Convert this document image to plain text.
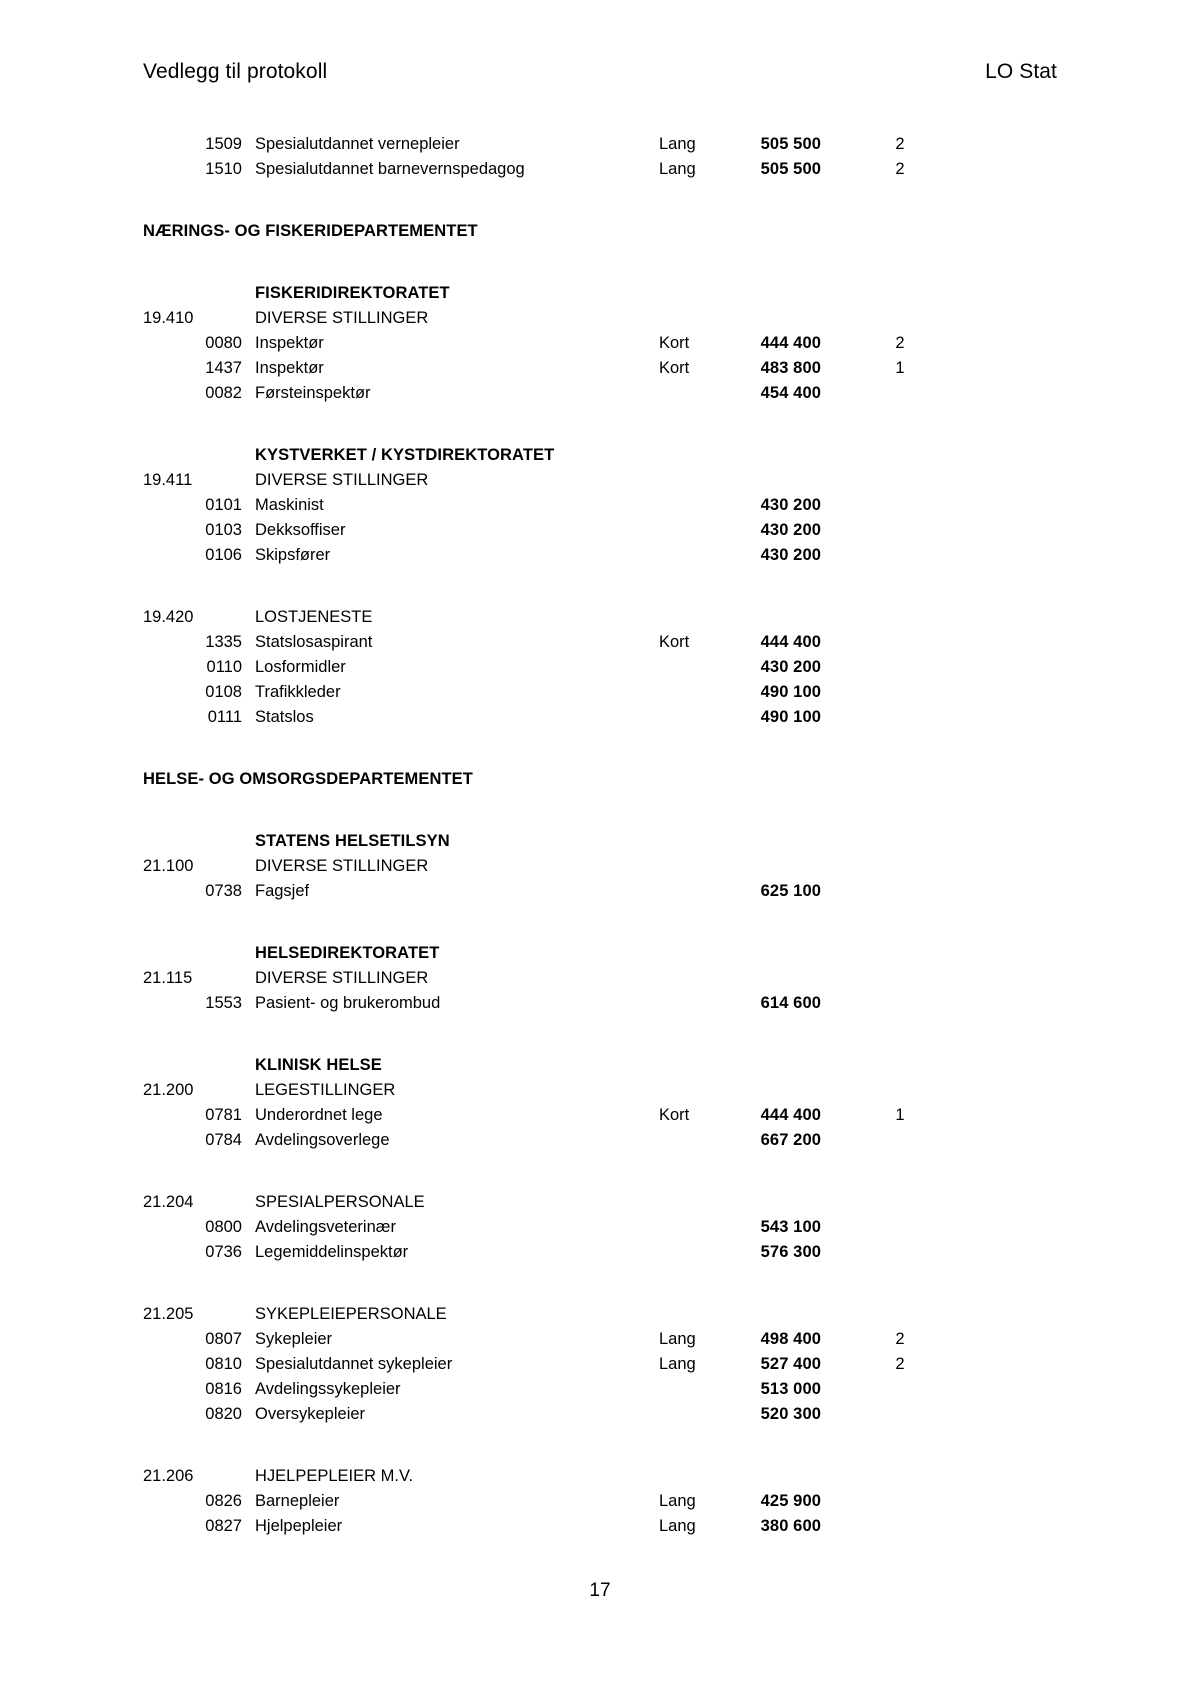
Vedlegg til protokoll	LO Stat
1509 Spesialutdannet vernepleier	Lang	505 500	2
1510 Spesialutdannet barnevernspedagog	Lang	505 500	2
NÆRINGS- OG FISKERIDEPARTEMENTET
FISKERIDIREKTORATET
19.410	DIVERSE STILLINGER
0080 Inspektør	Kort	444 400	2
1437 Inspektør	Kort	483 800	1
0082 Førsteinspektør	454 400
KYSTVERKET / KYSTDIREKTORATET
19.411	DIVERSE STILLINGER
0101 Maskinist	430 200
0103 Dekksoffiser	430 200
0106 Skipsfører	430 200
19.420	LOSTJENESTE
1335 Statslosaspirant	Kort	444 400
0110 Losformidler	430 200
0108 Trafikkleder	490 100
0111 Statslos	490 100
HELSE- OG OMSORGSDEPARTEMENTET
STATENS HELSETILSYN
21.100	DIVERSE STILLINGER
0738 Fagsjef	625 100
HELSEDIREKTORATET
21.115	DIVERSE STILLINGER
1553 Pasient- og brukerombud	614 600
KLINISK HELSE
21.200	LEGESTILLINGER
0781 Underordnet lege	Kort	444 400	1
0784 Avdelingsoverlege	667 200
21.204	SPESIALPERSONALE
0800 Avdelingsveterinær	543 100
0736 Legemiddelinspektør	576 300
21.205	SYKEPLEIEPERSONALE
0807 Sykepleier	Lang	498 400	2
0810 Spesialutdannet sykepleier	Lang	527 400	2
0816 Avdelingssykepleier	513 000
0820 Oversykepleier	520 300
21.206	HJELPEPLEIER M.V.
0826 Barnepleier	Lang	425 900
0827 Hjelpepleier	Lang	380 600
17
